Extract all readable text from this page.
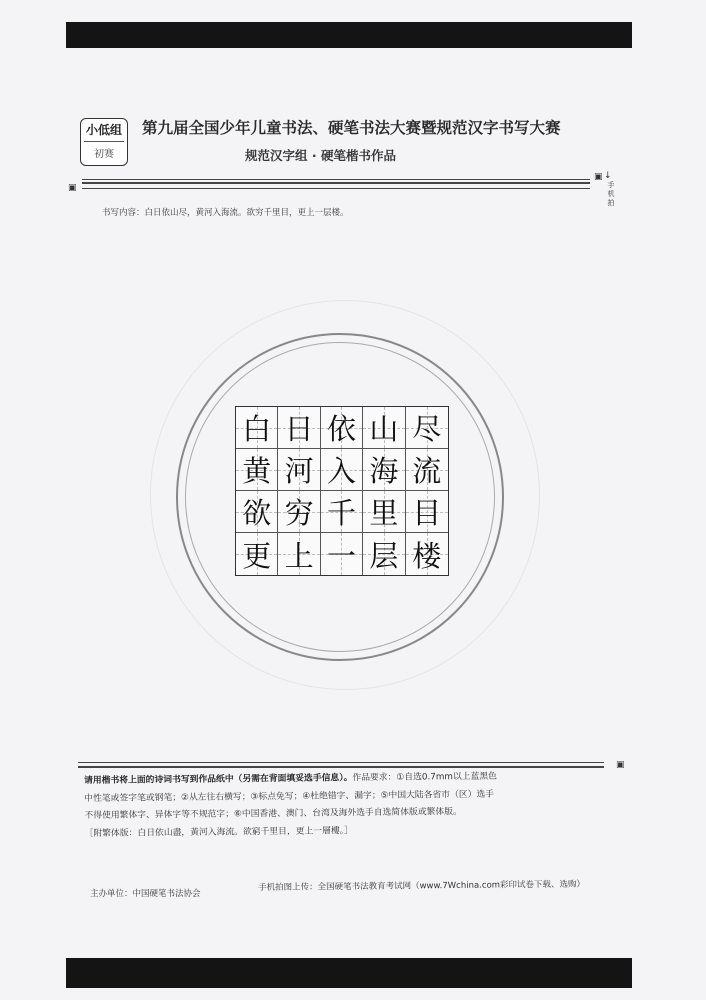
小低组
初赛
第九届全国少年儿童书法、硬笔书法大赛暨规范汉字书写大赛
规范汉字组 · 硬笔楷书作品
▣
▣ ↓
手机拍
书写内容：白日依山尽，黄河入海流。欲穷千里目，更上一层楼。
白 日 依 山 尽
黄 河 入 海 流
欲 穷 千 里 目
更 上 一 层 楼
▣
请用楷书将上面的诗词书写到作品纸中（另需在背面填妥选手信息）。作品要求：①自选0.7mm以上蓝黑色
中性笔或签字笔或钢笔；②从左往右横写；③标点免写；④杜绝错字、漏字；⑤中国大陆各省市（区）选手
不得使用繁体字、异体字等不规范字；⑥中国香港、澳门、台湾及海外选手自选简体版或繁体版。
［附繁体版：白日依山盡，黃河入海流。欲窮千里目，更上一層樓。］
主办单位：中国硬笔书法协会
手机拍图上传：全国硬笔书法教育考试网（www.7Wchina.com彩印试卷下载、选购）
